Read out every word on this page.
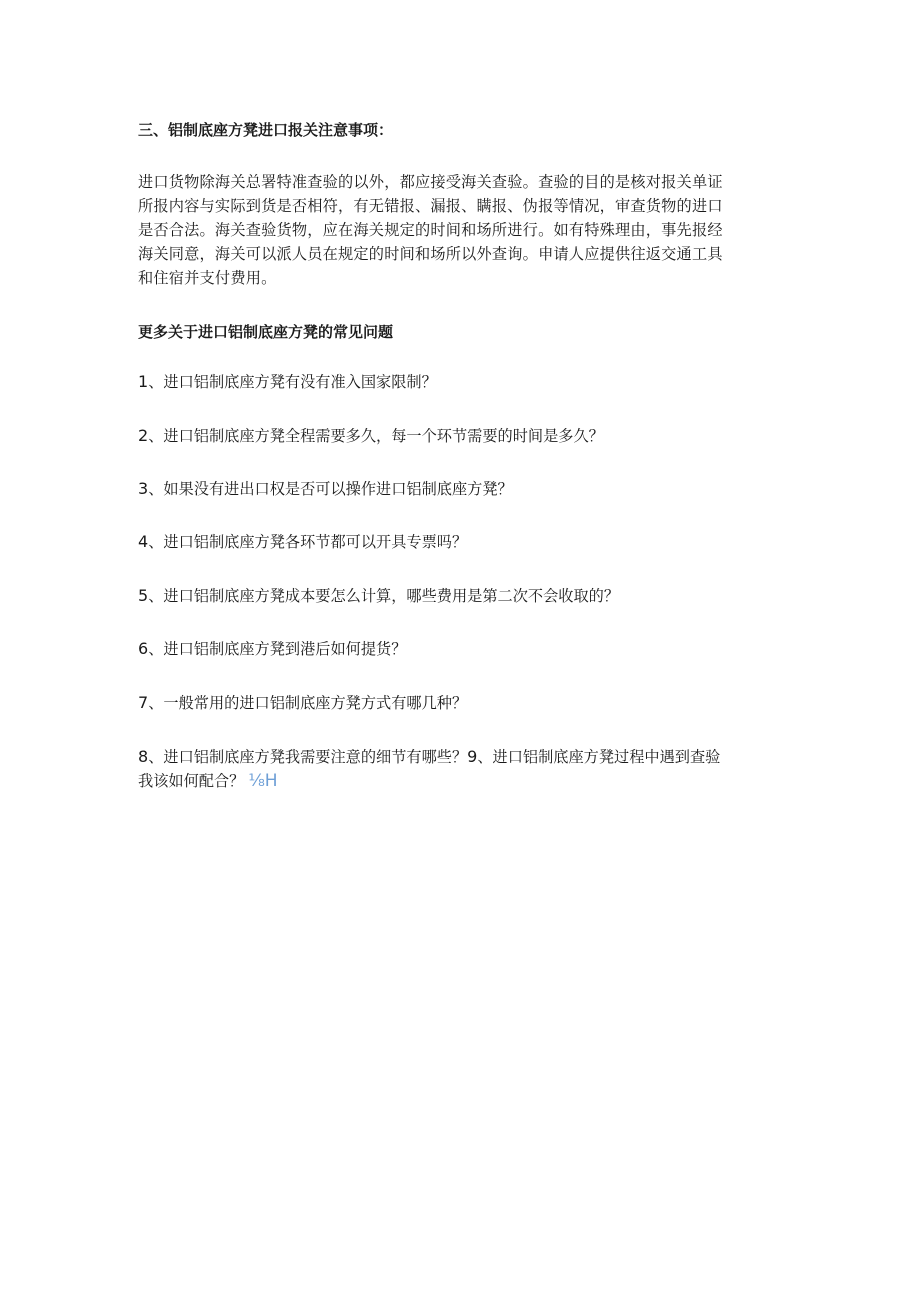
三、铝制底座方凳进口报关注意事项：
进口货物除海关总署特准查验的以外，都应接受海关查验。查验的目的是核对报关单证
所报内容与实际到货是否相符，有无错报、漏报、瞒报、伪报等情况，审查货物的进口
是否合法。海关查验货物，应在海关规定的时间和场所进行。如有特殊理由，事先报经
海关同意，海关可以派人员在规定的时间和场所以外查询。申请人应提供往返交通工具
和住宿并支付费用。
更多关于进口铝制底座方凳的常见问题
1、进口铝制底座方凳有没有准入国家限制？
2、进口铝制底座方凳全程需要多久，每一个环节需要的时间是多久？
3、如果没有进出口权是否可以操作进口铝制底座方凳？
4、进口铝制底座方凳各环节都可以开具专票吗？
5、进口铝制底座方凳成本要怎么计算，哪些费用是第二次不会收取的？
6、进口铝制底座方凳到港后如何提货？
7、一般常用的进口铝制底座方凳方式有哪几种？
8、进口铝制底座方凳我需要注意的细节有哪些？9、进口铝制底座方凳过程中遇到查验
我该如何配合？ ⅛H
